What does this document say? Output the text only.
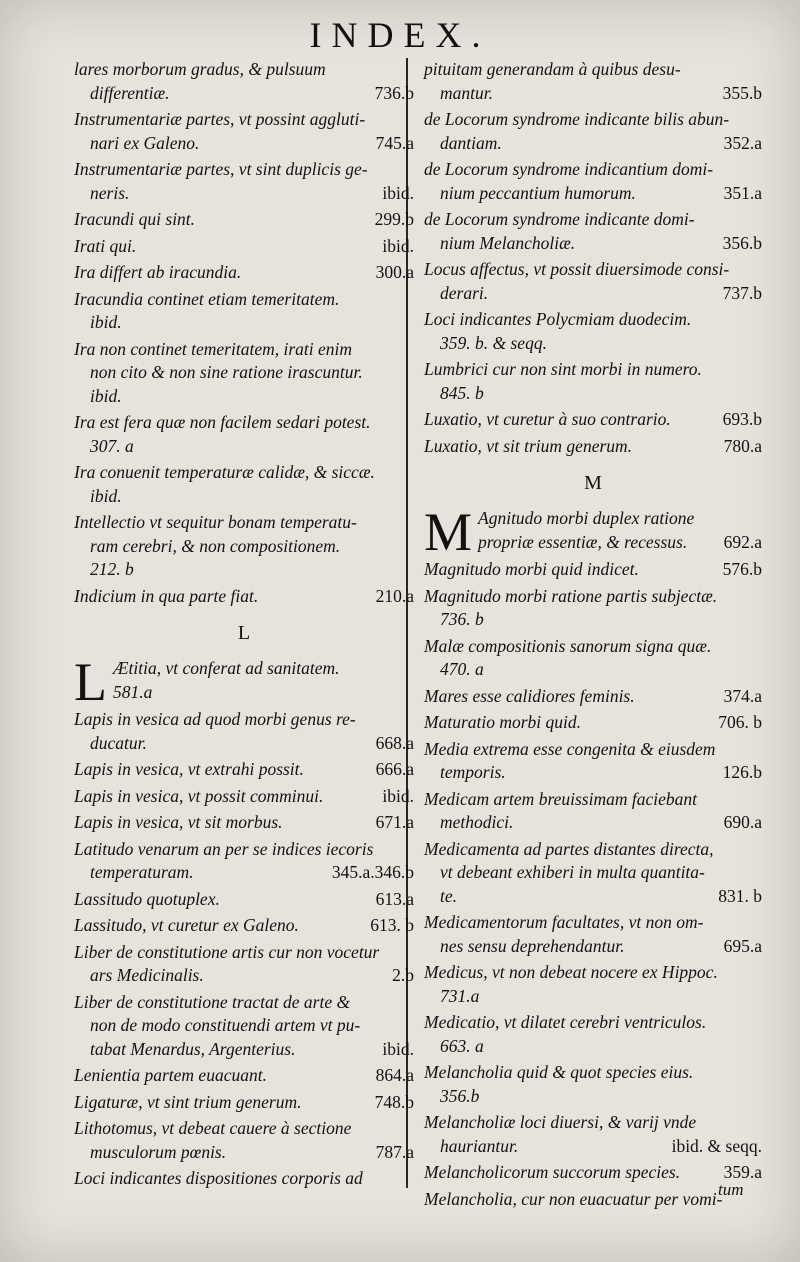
INDEX.
lares morborum gradus, & pulsuum
differentiæ.	736.b
Instrumentariæ partes, vt possint aggluti-
nari ex Galeno.	745.a
Instrumentariæ partes, vt sint duplicis ge-
neris.	ibid.
Iracundi qui sint.	299.b
Irati qui.	ibid.
Ira differt ab iracundia.	300.a
Iracundia continet etiam temeritatem.
ibid.
Ira non continet temeritatem, irati enim
non cito & non sine ratione irascuntur.
ibid.
Ira est fera quæ non facilem sedari potest.
307. a
Ira conuenit temperaturæ calidæ, & siccæ.
ibid.
Intellectio vt sequitur bonam temperatu-
ram cerebri, & non compositionem.
212. b
Indicium in qua parte fiat.	210.a
L
L Ætitia, vt conferat ad sanitatem.
581.a
Lapis in vesica ad quod morbi genus re-
ducatur.	668.a
Lapis in vesica, vt extrahi possit.	666.a
Lapis in vesica, vt possit comminui.	ibid.
Lapis in vesica, vt sit morbus.	671.a
Latitudo venarum an per se indices iecoris
temperaturam.	345.a.346.b
Lassitudo quotuplex.	613.a
Lassitudo, vt curetur ex Galeno.	613. b
Liber de constitutione artis cur non vocetur
ars Medicinalis.	2.b
Liber de constitutione tractat de arte &
non de modo constituendi artem vt pu-
tabat Menardus, Argenterius.	ibid.
Lenientia partem euacuant.	864.a
Ligaturæ, vt sint trium generum.	748.b
Lithotomus, vt debeat cauere à sectione
musculorum pœnis.	787.a
Loci indicantes dispositiones corporis ad
pituitam generandam à quibus desu-
mantur.	355.b
de Locorum syndrome indicante bilis abun-
dantiam.	352.a
de Locorum syndrome indicantium domi-
nium peccantium humorum.	351.a
de Locorum syndrome indicante domi-
nium Melancholiæ.	356.b
Locus affectus, vt possit diuersimode consi-
derari.	737.b
Loci indicantes Polycmiam duodecim.
359. b. & seqq.
Lumbrici cur non sint morbi in numero.
845. b
Luxatio, vt curetur à suo contrario.	693.b
Luxatio, vt sit trium generum.	780.a
M
M Agnitudo morbi duplex ratione
propriæ essentiæ, & recessus.	692.a
Magnitudo morbi quid indicet.	576.b
Magnitudo morbi ratione partis subjectæ.
736. b
Malæ compositionis sanorum signa quæ.
470. a
Mares esse calidiores feminis.	374.a
Maturatio morbi quid.	706. b
Media extrema esse congenita & eiusdem
temporis.	126.b
Medicam artem breuissimam faciebant
methodici.	690.a
Medicamenta ad partes distantes directa,
vt debeant exhiberi in multa quantita-
te.	831. b
Medicamentorum facultates, vt non om-
nes sensu deprehendantur.	695.a
Medicus, vt non debeat nocere ex Hippoc.
731.a
Medicatio, vt dilatet cerebri ventriculos.
663. a
Melancholia quid & quot species eius.
356.b
Melancholiæ loci diuersi, & varij vnde
hauriantur.	ibid. & seqq.
Melancholicorum succorum species.	359.a
Melancholia, cur non euacuatur per vomi-
tum
